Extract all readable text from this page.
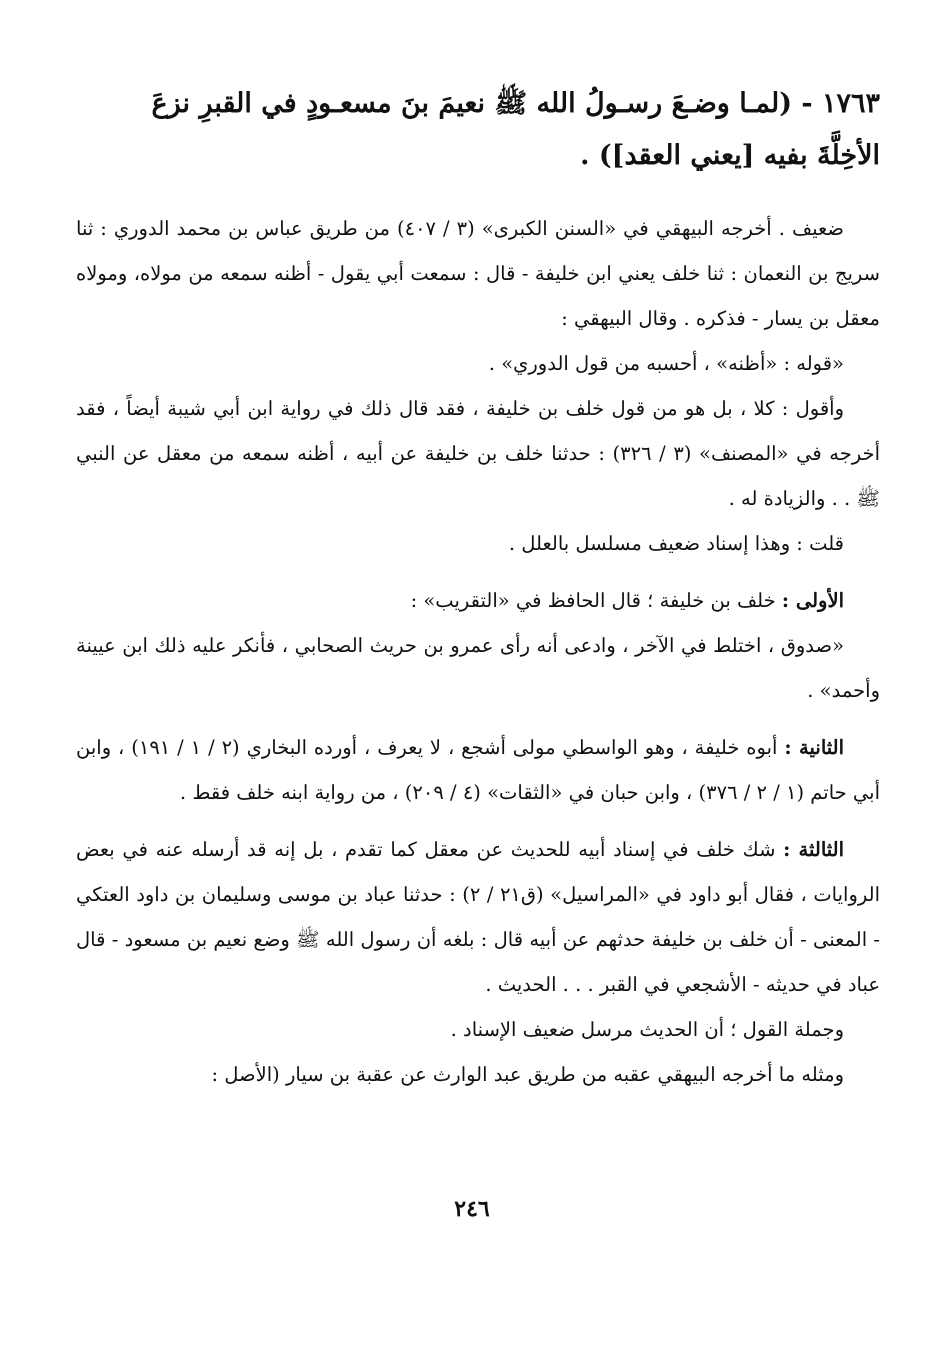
١٧٦٣ - (لمـا وضـعَ رسـولُ الله ﷺ نعيمَ بنَ مسعـودٍ في القبرِ نزعَ
الأخِلَّةَ بفيه [يعني العقد]) .

ضعيف . أخرجه البيهقي في «السنن الكبرى» (٣ / ٤٠٧) من طريق عباس بن محمد الدوري : ثنا سريج بن النعمان : ثنا خلف يعني ابن خليفة - قال : سمعت أبي يقول - أظنه سمعه من مولاه، ومولاه معقل بن يسار - فذكره . وقال البيهقي :

«قوله : «أظنه» ، أحسبه من قول الدوري» .

وأقول : كلا ، بل هو من قول خلف بن خليفة ، فقد قال ذلك في رواية ابن أبي شيبة أيضاً ، فقد أخرجه في «المصنف» (٣ / ٣٢٦) : حدثنا خلف بن خليفة عن أبيه ، أظنه سمعه من معقل عن النبي ﷺ . . والزيادة له .

قلت : وهذا إسناد ضعيف مسلسل بالعلل .

الأولى : خلف بن خليفة ؛ قال الحافظ في «التقريب» :

«صدوق ، اختلط في الآخر ، وادعى أنه رأى عمرو بن حريث الصحابي ، فأنكر عليه ذلك ابن عيينة وأحمد» .

الثانية : أبوه خليفة ، وهو الواسطي مولى أشجع ، لا يعرف ، أورده البخاري (٢ / ١ / ١٩١) ، وابن أبي حاتم (١ / ٢ / ٣٧٦) ، وابن حبان في «الثقات» (٤ / ٢٠٩) ، من رواية ابنه خلف فقط .

الثالثة : شك خلف في إسناد أبيه للحديث عن معقل كما تقدم ، بل إنه قد أرسله عنه في بعض الروايات ، فقال أبو داود في «المراسيل» (ق٢١ / ٢) : حدثنا عباد بن موسى وسليمان بن داود العتكي - المعنى - أن خلف بن خليفة حدثهم عن أبيه قال : بلغه أن رسول الله ﷺ وضع نعيم بن مسعود - قال عباد في حديثه - الأشجعي في القبر . . . الحديث .

وجملة القول ؛ أن الحديث مرسل ضعيف الإسناد .

ومثله ما أخرجه البيهقي عقبه من طريق عبد الوارث عن عقبة بن سيار (الأصل :

٢٤٦
